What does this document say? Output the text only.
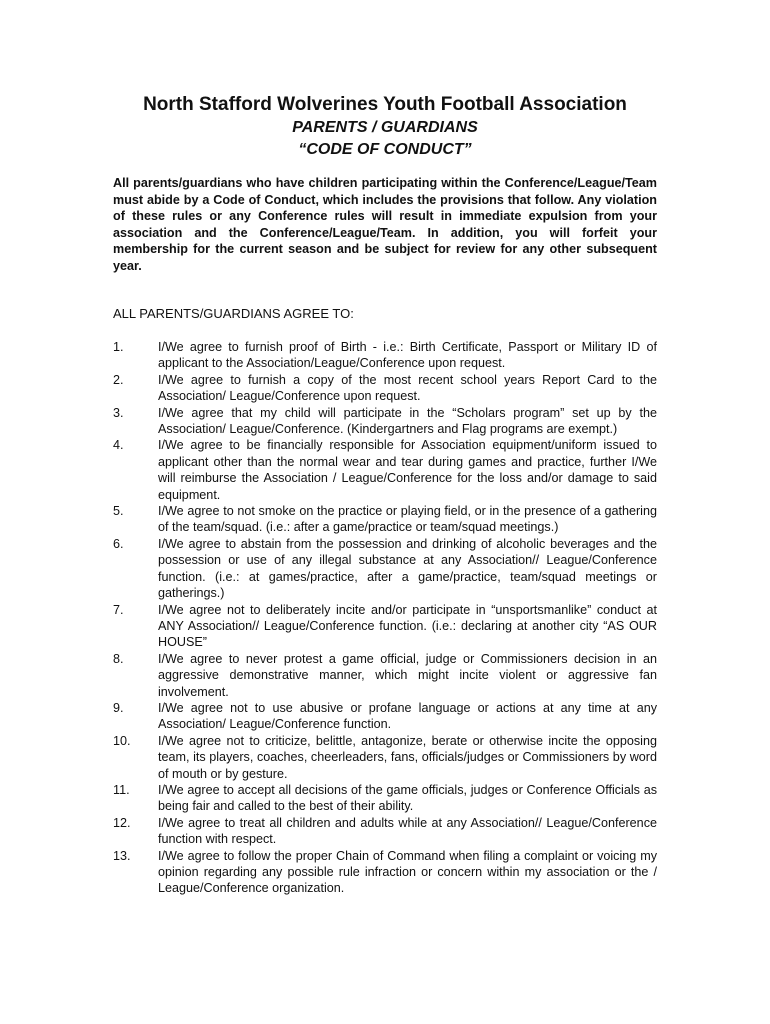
North Stafford Wolverines Youth Football Association
PARENTS / GUARDIANS
“CODE OF CONDUCT”

All parents/guardians who have children participating within the Conference/League/Team must abide by a Code of Conduct, which includes the provisions that follow. Any violation of these rules or any Conference rules will result in immediate expulsion from your association and the Conference/League/Team. In addition, you will forfeit your membership for the current season and be subject for review for any other subsequent year.

ALL PARENTS/GUARDIANS AGREE TO:

1.	I/We agree to furnish proof of Birth - i.e.: Birth Certificate, Passport or Military ID of applicant to the Association/League/Conference upon request.
2.	I/We agree to furnish a copy of the most recent school years Report Card to the Association/ League/Conference upon request.
3.	I/We agree that my child will participate in the “Scholars program” set up by the Association/ League/Conference. (Kindergartners and Flag programs are exempt.)
4.	I/We agree to be financially responsible for Association equipment/uniform issued to applicant other than the normal wear and tear during games and practice, further I/We will reimburse the Association / League/Conference for the loss and/or damage to said equipment.
5.	I/We agree to not smoke on the practice or playing field, or in the presence of a gathering of the team/squad. (i.e.: after a game/practice or team/squad meetings.)
6.	I/We agree to abstain from the possession and drinking of alcoholic beverages and the possession or use of any illegal substance at any Association// League/Conference function. (i.e.: at games/practice, after a game/practice, team/squad meetings or gatherings.)
7.	I/We agree not to deliberately incite and/or participate in “unsportsmanlike” conduct at ANY Association// League/Conference function. (i.e.: declaring at another city “AS OUR HOUSE”
8.	I/We agree to never protest a game official, judge or Commissioners decision in an aggressive demonstrative manner, which might incite violent or aggressive fan involvement.
9.	I/We agree not to use abusive or profane language or actions at any time at any Association/ League/Conference function.
10.	I/We agree not to criticize, belittle, antagonize, berate or otherwise incite the opposing team, its players, coaches, cheerleaders, fans, officials/judges or Commissioners by word of mouth or by gesture.
11.	I/We agree to accept all decisions of the game officials, judges or Conference Officials as being fair and called to the best of their ability.
12.	I/We agree to treat all children and adults while at any Association// League/Conference function with respect.
13.	I/We agree to follow the proper Chain of Command when filing a complaint or voicing my opinion regarding any possible rule infraction or concern within my association or the / League/Conference organization.
